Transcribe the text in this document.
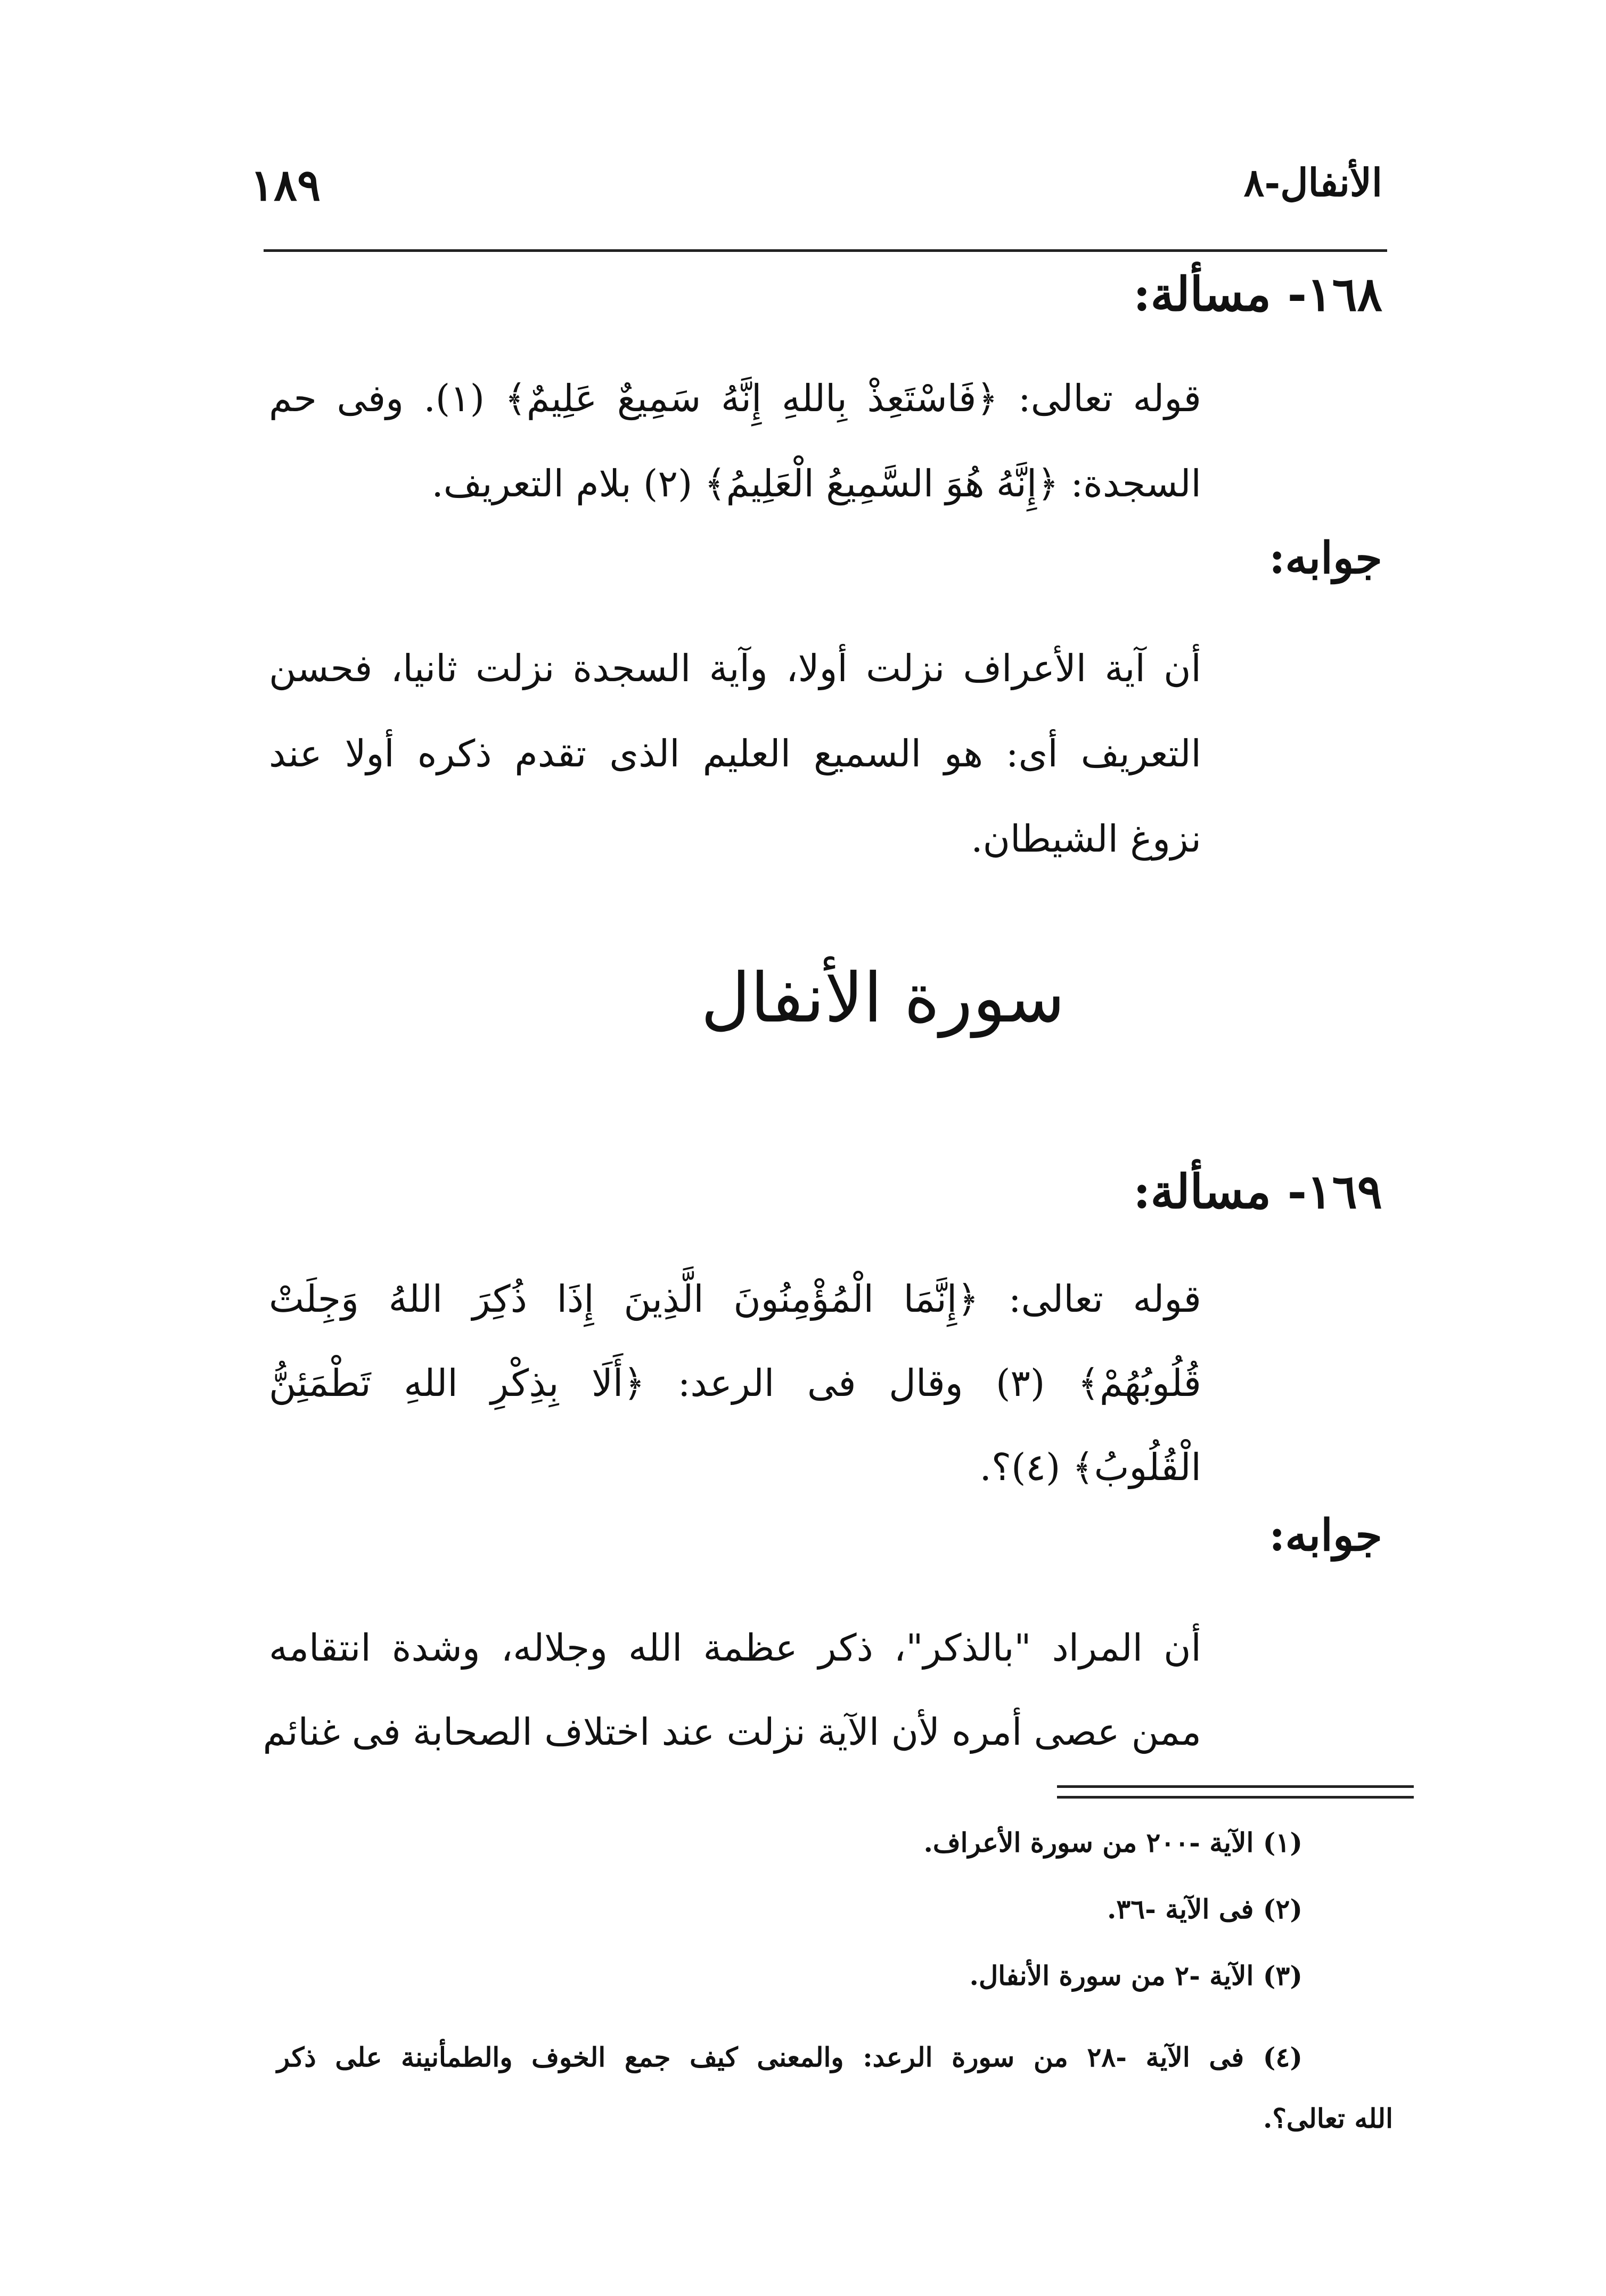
١٨٩	الأنفال-٨
١٦٨- مسألة:
قوله تعالى: ﴿فَاسْتَعِذْ بِاللهِ إِنَّهُ سَمِيعٌ عَلِيمٌ﴾ (١). وفى حم
السجدة: ﴿إِنَّهُ هُوَ السَّمِيعُ الْعَلِيمُ﴾ (٢) بلام التعريف.
جوابه:
أن آية الأعراف نزلت أولا، وآية السجدة نزلت ثانيا، فحسن
التعريف أى: هو السميع العليم الذى تقدم ذكره أولا عند
نزوغ الشيطان.
سورة الأنفال
١٦٩- مسألة:
قوله تعالى: ﴿إِنَّمَا الْمُؤْمِنُونَ الَّذِينَ إِذَا ذُكِرَ اللهُ وَجِلَتْ
قُلُوبُهُمْ﴾ (٣) وقال فى الرعد: ﴿أَلَا بِذِكْرِ اللهِ تَطْمَئِنُّ
الْقُلُوبُ﴾ (٤)؟.
جوابه:
أن المراد "بالذكر"، ذكر عظمة الله وجلاله، وشدة انتقامه
ممن عصى أمره لأن الآية نزلت عند اختلاف الصحابة فى غنائم
(١) الآية -٢٠٠ من سورة الأعراف.
(٢) فى الآية -٣٦.
(٣) الآية -٢ من سورة الأنفال.
(٤) فى الآية -٢٨ من سورة الرعد: والمعنى كيف جمع الخوف والطمأنينة على ذكر
الله تعالى؟.
